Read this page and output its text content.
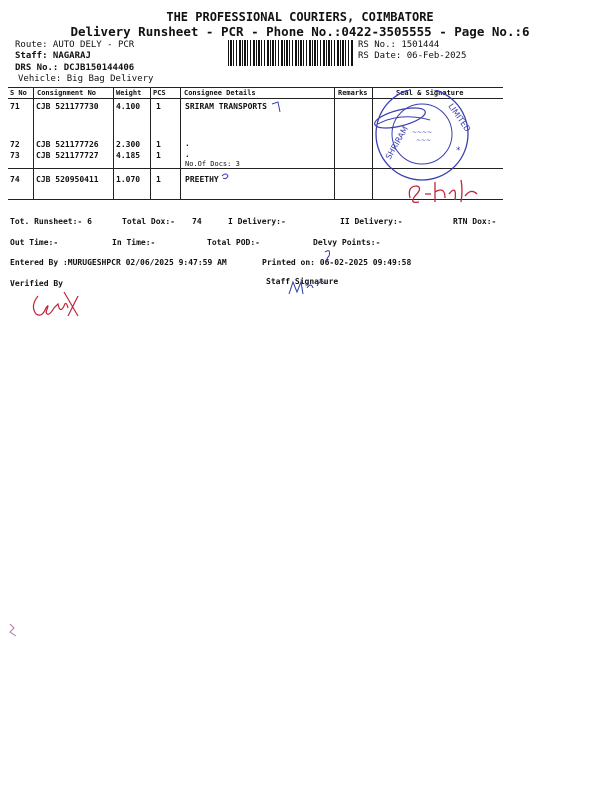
THE PROFESSIONAL COURIERS, COIMBATORE
Delivery Runsheet - PCR - Phone No.:0422-3505555 - Page No.:6
Route: AUTO DELY - PCR
Staff: NAGARAJ
DRS No.: DCJB150144406
Vehicle: Big Bag Delivery
RS No.: 1501444
RS Date: 06-Feb-2025
S No Consignment No	Weight PCS	Consignee Details	Remarks	Seal & Signature
71 CJB 521177730 4.100 1	SRIRAM TRANSPORTS
72 CJB 521177726 2.300 1	.
73 CJB 521177727 4.185 1	.
No.Of Docs: 3
74 CJB 520950411 1.070 1	PREETHY
SHRIRAM
LIMITED
~~~~
~~~
*
Tot. Runsheet:- 6	Total Dox:- 74	I Delivery:-	II Delivery:-	RTN Dox:-
Out Time:-	In Time:-	Total POD:-	Delvy Points:-
Entered By :MURUGESHPCR 02/06/2025 9:47:59 AM	Printed on: 06-02-2025 09:49:58
Verified By	Staff Signature
